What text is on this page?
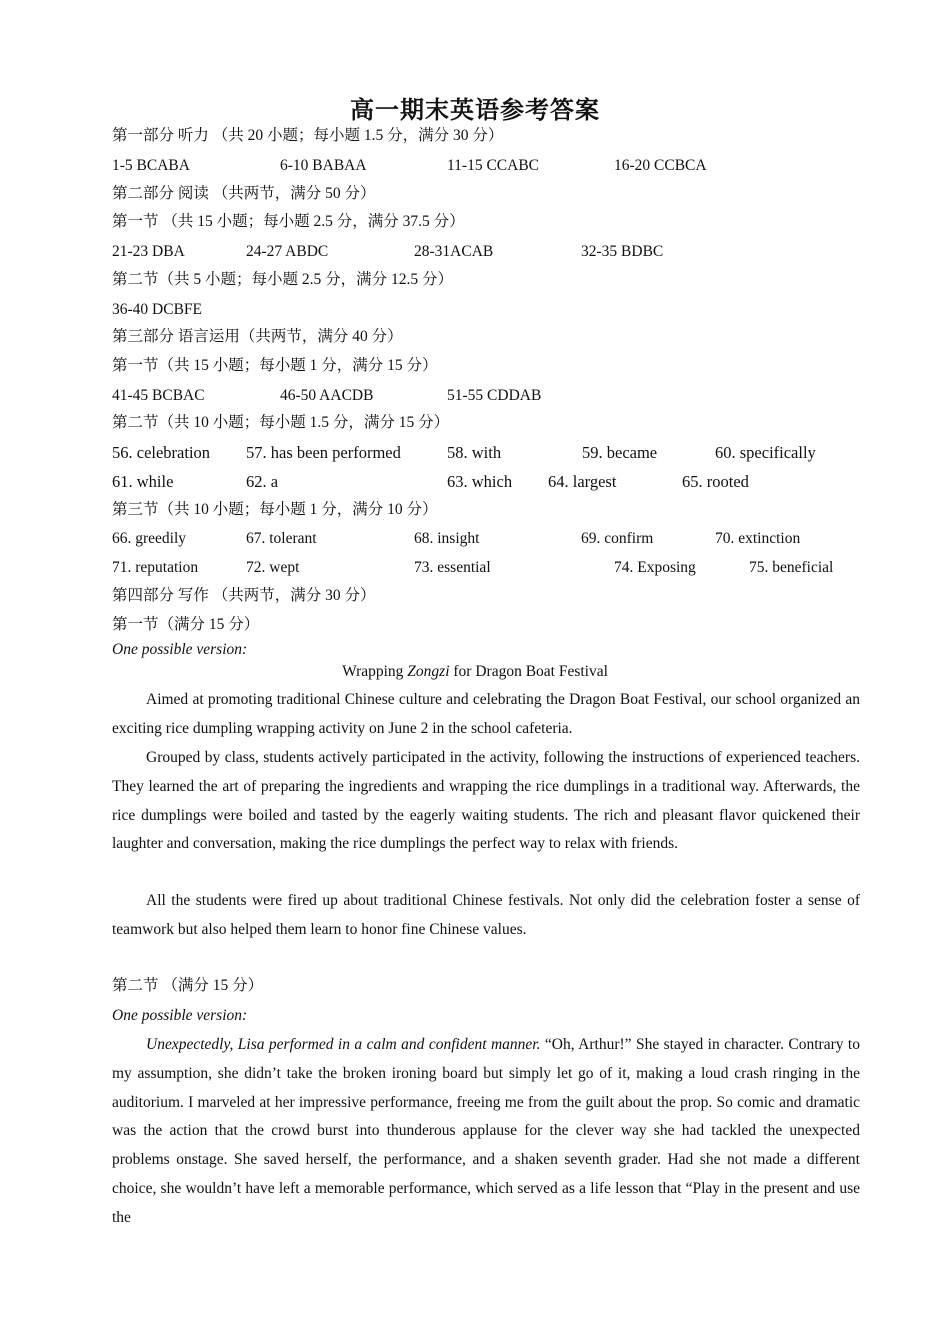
高一期末英语参考答案
第一部分 听力 （共 20 小题；每小题 1.5 分，满分 30 分）
1-5 BCABA	6-10 BABAA	11-15 CCABC	16-20 CCBCA
第二部分 阅读 （共两节，满分 50 分）
第一节 （共 15 小题；每小题 2.5 分，满分 37.5 分）
21-23 DBA	24-27 ABDC	28-31ACAB	32-35 BDBC
第二节（共 5 小题；每小题 2.5 分，满分 12.5 分）
36-40 DCBFE
第三部分 语言运用（共两节，满分 40 分）
第一节（共 15 小题；每小题 1 分，满分 15 分）
41-45 BCBAC	46-50 AACDB	51-55 CDDAB
第二节（共 10 小题；每小题 1.5 分，满分 15 分）
56. celebration 57. has been performed	58. with	59. became	60. specifically
61. while	62. a	63. which 64. largest	65. rooted
第三节（共 10 小题；每小题 1 分，满分 10 分）
66. greedily	67. tolerant	68. insight	69. confirm	70. extinction
71. reputation	72. wept	73. essential	74. Exposing	75. beneficial
第四部分 写作 （共两节，满分 30 分）
第一节（满分 15 分）
One possible version:
Wrapping Zongzi for Dragon Boat Festival
Aimed at promoting traditional Chinese culture and celebrating the Dragon Boat Festival, our school organized an exciting rice dumpling wrapping activity on June 2 in the school cafeteria.
Grouped by class, students actively participated in the activity, following the instructions of experienced teachers. They learned the art of preparing the ingredients and wrapping the rice dumplings in a traditional way. Afterwards, the rice dumplings were boiled and tasted by the eagerly waiting students. The rich and pleasant flavor quickened their laughter and conversation, making the rice dumplings the perfect way to relax with friends.
All the students were fired up about traditional Chinese festivals. Not only did the celebration foster a sense of teamwork but also helped them learn to honor fine Chinese values.
第二节 （满分 15 分）
One possible version:
Unexpectedly, Lisa performed in a calm and confident manner. “Oh, Arthur!” She stayed in character. Contrary to my assumption, she didn’t take the broken ironing board but simply let go of it, making a loud crash ringing in the auditorium. I marveled at her impressive performance, freeing me from the guilt about the prop. So comic and dramatic was the action that the crowd burst into thunderous applause for the clever way she had tackled the unexpected problems onstage. She saved herself, the performance, and a shaken seventh grader. Had she not made a different choice, she wouldn’t have left a memorable performance, which served as a life lesson that “Play in the present and use the
